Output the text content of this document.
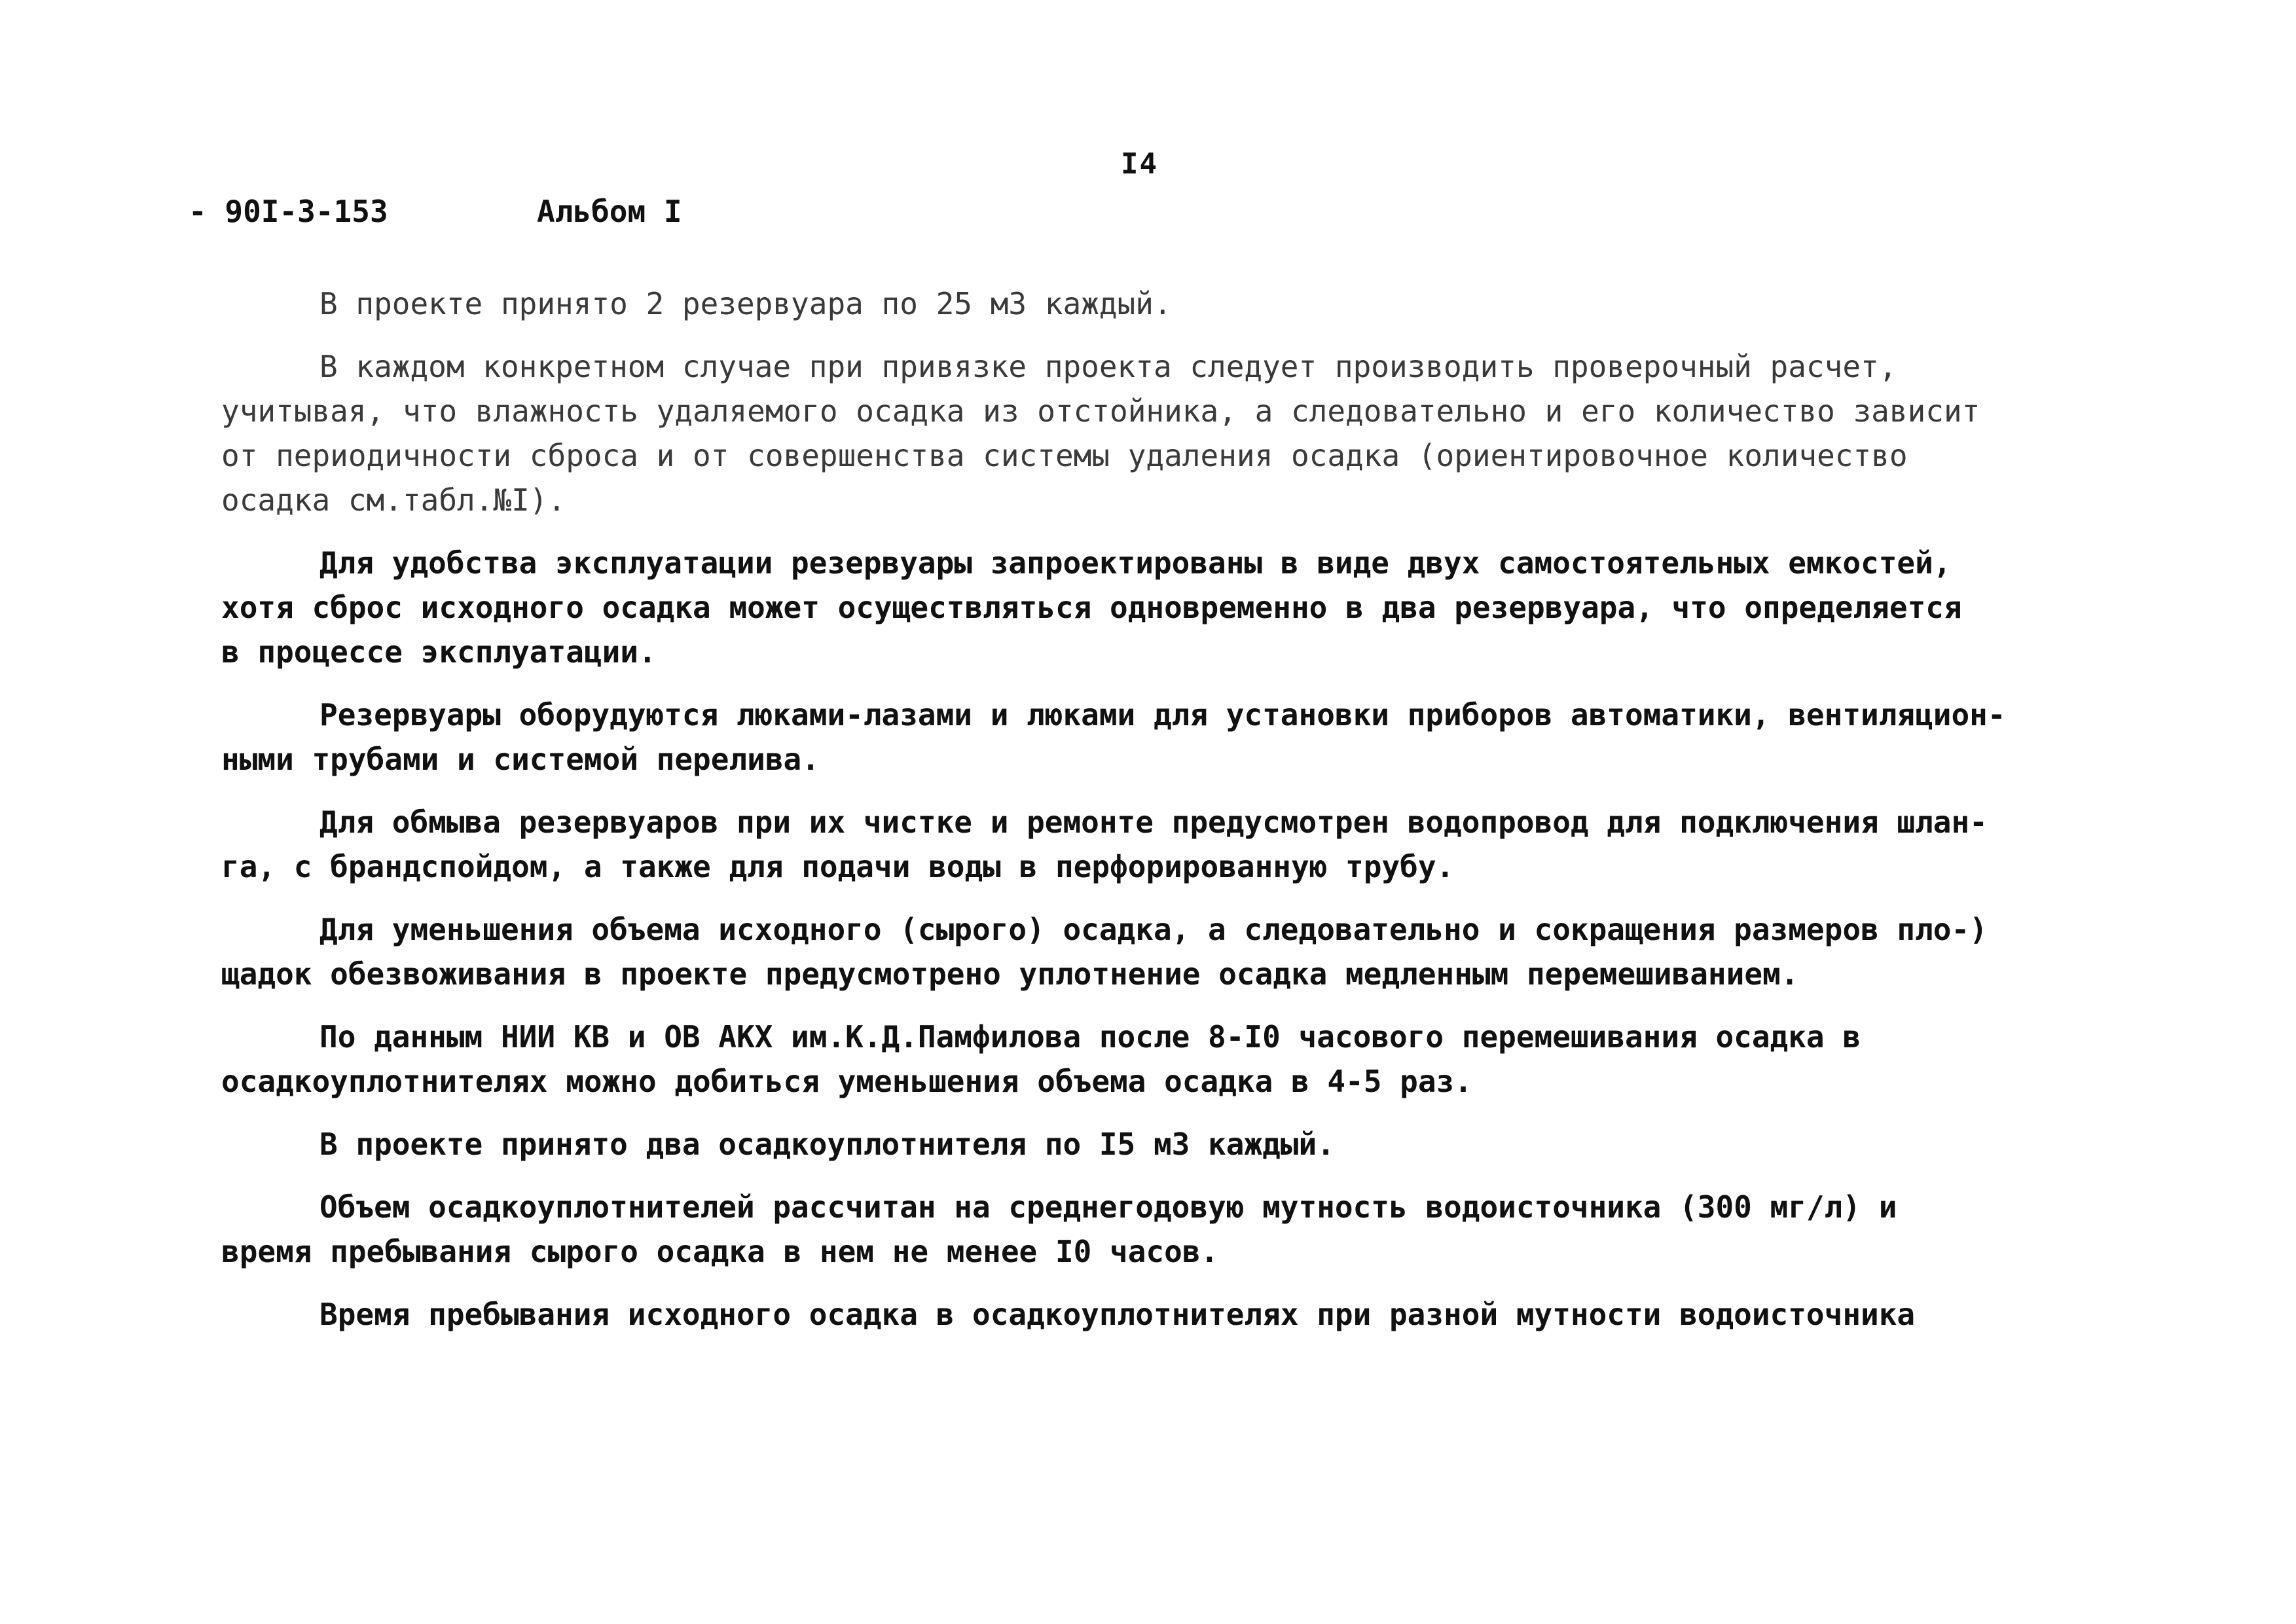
I4
- 90I-3-153	Альбом I

В проекте принято 2 резервуара по 25 м3 каждый.

В каждом конкретном случае при привязке проекта следует производить проверочный расчет,
учитывая, что влажность удаляемого осадка из отстойника, а следовательно и его количество зависит
от периодичности сброса и от совершенства системы удаления осадка (ориентировочное количество
осадка см.табл.№I).

Для удобства эксплуатации резервуары запроектированы в виде двух самостоятельных емкостей,
хотя сброс исходного осадка может осуществляться одновременно в два резервуара, что определяется
в процессе эксплуатации.

Резервуары оборудуются люками-лазами и люками для установки приборов автоматики, вентиляцион-
ными трубами и системой перелива.

Для обмыва резервуаров при их чистке и ремонте предусмотрен водопровод для подключения шлан-
га, с брандспойдом, а также для подачи воды в перфорированную трубу.

Для уменьшения объема исходного (сырого) осадка, а следовательно и сокращения размеров пло-)
щадок обезвоживания в проекте предусмотрено уплотнение осадка медленным перемешиванием.

По данным НИИ КВ и ОВ АКХ им.К.Д.Памфилова после 8-I0 часового перемешивания осадка в
осадкоуплотнителях можно добиться уменьшения объема осадка в 4-5 раз.

В проекте принято два осадкоуплотнителя по I5 м3 каждый.

Объем осадкоуплотнителей рассчитан на среднегодовую мутность водоисточника (300 мг/л) и
время пребывания сырого осадка в нем не менее I0 часов.

Время пребывания исходного осадка в осадкоуплотнителях при разной мутности водоисточника
